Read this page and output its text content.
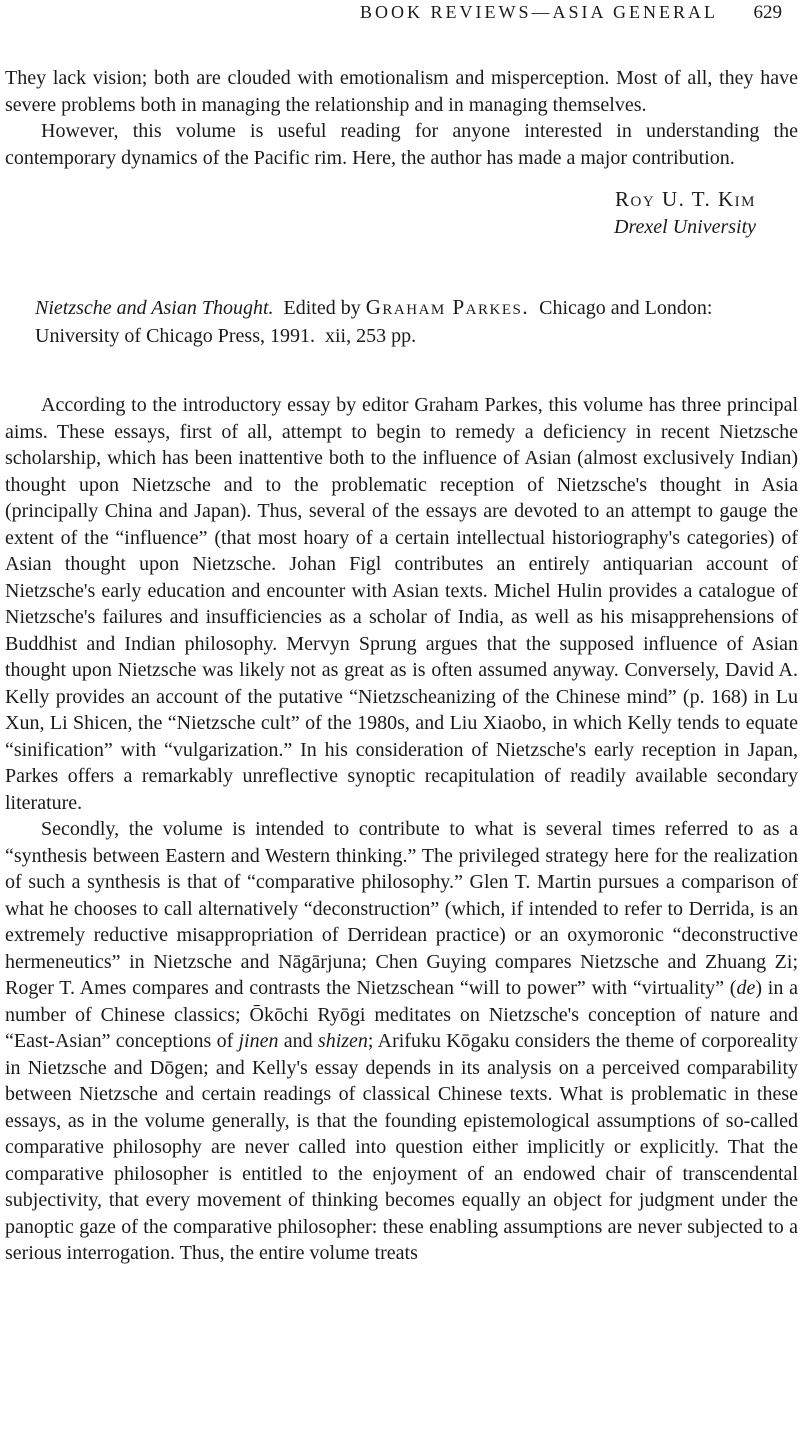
BOOK REVIEWS—ASIA GENERAL 629

They lack vision; both are clouded with emotionalism and misperception. Most of all, they have severe problems both in managing the relationship and in managing themselves.

However, this volume is useful reading for anyone interested in understanding the contemporary dynamics of the Pacific rim. Here, the author has made a major contribution.

Roy U. T. Kim
Drexel University
Nietzsche and Asian Thought. Edited by Graham Parkes. Chicago and London: University of Chicago Press, 1991. xii, 253 pp.

According to the introductory essay by editor Graham Parkes, this volume has three principal aims. These essays, first of all, attempt to begin to remedy a deficiency in recent Nietzsche scholarship, which has been inattentive both to the influence of Asian (almost exclusively Indian) thought upon Nietzsche and to the problematic reception of Nietzsche's thought in Asia (principally China and Japan). Thus, several of the essays are devoted to an attempt to gauge the extent of the “influence” (that most hoary of a certain intellectual historiography's categories) of Asian thought upon Nietzsche. Johan Figl contributes an entirely antiquarian account of Nietzsche's early education and encounter with Asian texts. Michel Hulin provides a catalogue of Nietzsche's failures and insufficiencies as a scholar of India, as well as his misapprehensions of Buddhist and Indian philosophy. Mervyn Sprung argues that the supposed influence of Asian thought upon Nietzsche was likely not as great as is often assumed anyway. Conversely, David A. Kelly provides an account of the putative “Nietzscheanizing of the Chinese mind” (p. 168) in Lu Xun, Li Shicen, the “Nietzsche cult” of the 1980s, and Liu Xiaobo, in which Kelly tends to equate “sinification” with “vulgarization.” In his consideration of Nietzsche's early reception in Japan, Parkes offers a remarkably unreflective synoptic recapitulation of readily available secondary literature.

Secondly, the volume is intended to contribute to what is several times referred to as a “synthesis between Eastern and Western thinking.” The privileged strategy here for the realization of such a synthesis is that of “comparative philosophy.” Glen T. Martin pursues a comparison of what he chooses to call alternatively “deconstruction” (which, if intended to refer to Derrida, is an extremely reductive misappropriation of Derridean practice) or an oxymoronic “deconstructive hermeneutics” in Nietzsche and Nāgārjuna; Chen Guying compares Nietzsche and Zhuang Zi; Roger T. Ames compares and contrasts the Nietzschean “will to power” with “virtuality” (de) in a number of Chinese classics; Ōkōchi Ryōgi meditates on Nietzsche's conception of nature and “East-Asian” conceptions of jinen and shizen; Arifuku Kōgaku considers the theme of corporeality in Nietzsche and Dōgen; and Kelly's essay depends in its analysis on a perceived comparability between Nietzsche and certain readings of classical Chinese texts. What is problematic in these essays, as in the volume generally, is that the founding epistemological assumptions of so-called comparative philosophy are never called into question either implicitly or explicitly. That the comparative philosopher is entitled to the enjoyment of an endowed chair of transcendental subjectivity, that every movement of thinking becomes equally an object for judgment under the panoptic gaze of the comparative philosopher: these enabling assumptions are never subjected to a serious interrogation. Thus, the entire volume treats
